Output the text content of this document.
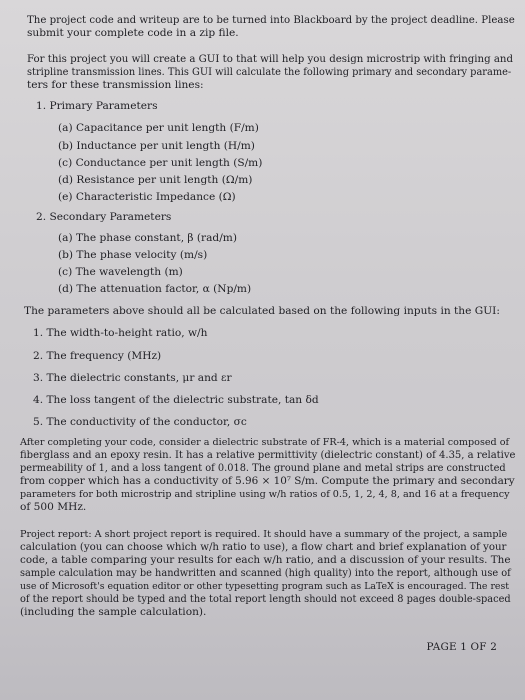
The project code and writeup are to be turned into Blackboard by the project deadline. Please
submit your complete code in a zip file.
For this project you will create a GUI to that will help you design microstrip with fringing and
stripline transmission lines. This GUI will calculate the following primary and secondary parame-
ters for these transmission lines:
1. Primary Parameters
(a) Capacitance per unit length (F/m)
(b) Inductance per unit length (H/m)
(c) Conductance per unit length (S/m)
(d) Resistance per unit length (Ω/m)
(e) Characteristic Impedance (Ω)
2. Secondary Parameters
(a) The phase constant, β (rad/m)
(b) The phase velocity (m/s)
(c) The wavelength (m)
(d) The attenuation factor, α (Np/m)
The parameters above should all be calculated based on the following inputs in the GUI:
1. The width-to-height ratio, w/h
2. The frequency (MHz)
3. The dielectric constants, μr and εr
4. The loss tangent of the dielectric substrate, tan δd
5. The conductivity of the conductor, σc
After completing your code, consider a dielectric substrate of FR-4, which is a material composed of
fiberglass and an epoxy resin. It has a relative permittivity (dielectric constant) of 4.35, a relative
permeability of 1, and a loss tangent of 0.018. The ground plane and metal strips are constructed
from copper which has a conductivity of 5.96 × 10⁷ S/m. Compute the primary and secondary
parameters for both microstrip and stripline using w/h ratios of 0.5, 1, 2, 4, 8, and 16 at a frequency
of 500 MHz.
Project report: A short project report is required. It should have a summary of the project, a sample
calculation (you can choose which w/h ratio to use), a flow chart and brief explanation of your
code, a table comparing your results for each w/h ratio, and a discussion of your results. The
sample calculation may be handwritten and scanned (high quality) into the report, although use of
use of Microsoft's equation editor or other typesetting program such as LaTeX is encouraged. The rest
of the report should be typed and the total report length should not exceed 8 pages double-spaced
(including the sample calculation).
PAGE 1 OF 2
